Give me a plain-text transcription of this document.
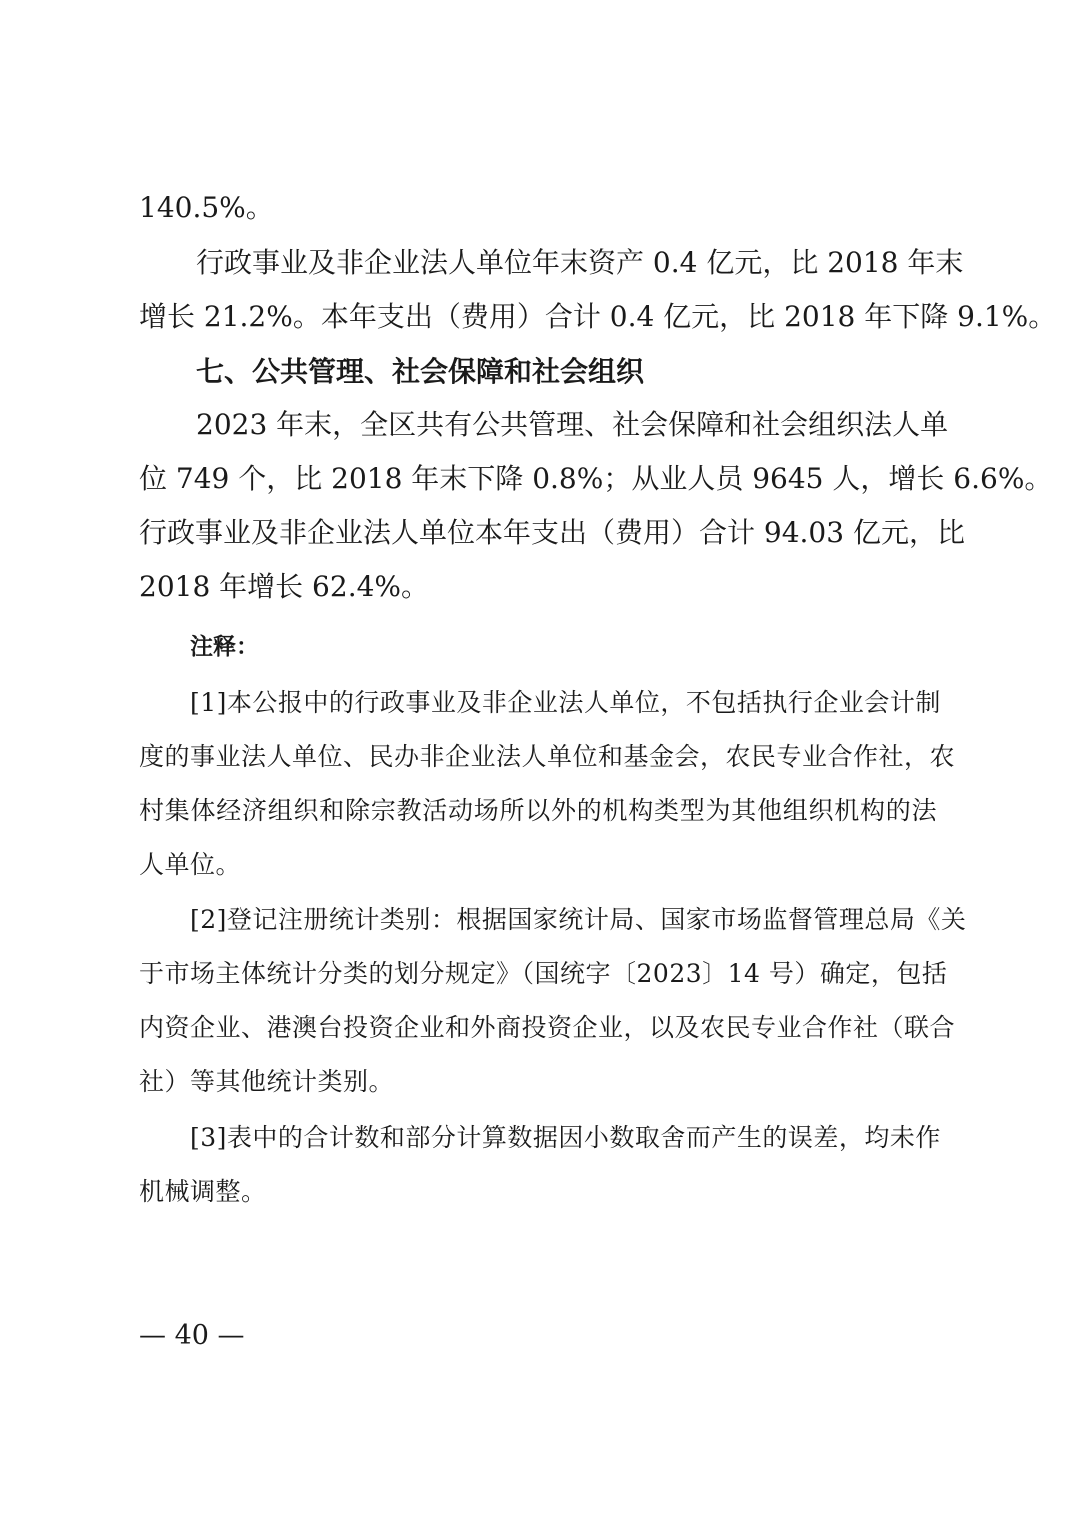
140.5%。
行政事业及非企业法人单位年末资产 0.4 亿元，比 2018 年末
增长 21.2%。本年支出（费用）合计 0.4 亿元，比 2018 年下降 9.1%。
七、公共管理、社会保障和社会组织
2023 年末，全区共有公共管理、社会保障和社会组织法人单
位 749 个，比 2018 年末下降 0.8%；从业人员 9645 人，增长 6.6%。
行政事业及非企业法人单位本年支出（费用）合计 94.03 亿元，比
2018 年增长 62.4%。
注释：
[1]本公报中的行政事业及非企业法人单位，不包括执行企业会计制
度的事业法人单位、民办非企业法人单位和基金会，农民专业合作社，农
村集体经济组织和除宗教活动场所以外的机构类型为其他组织机构的法
人单位。
[2]登记注册统计类别：根据国家统计局、国家市场监督管理总局《关
于市场主体统计分类的划分规定》（国统字〔2023〕14 号）确定，包括
内资企业、港澳台投资企业和外商投资企业，以及农民专业合作社（联合
社）等其他统计类别。
[3]表中的合计数和部分计算数据因小数取舍而产生的误差，均未作
机械调整。
— 40 —
